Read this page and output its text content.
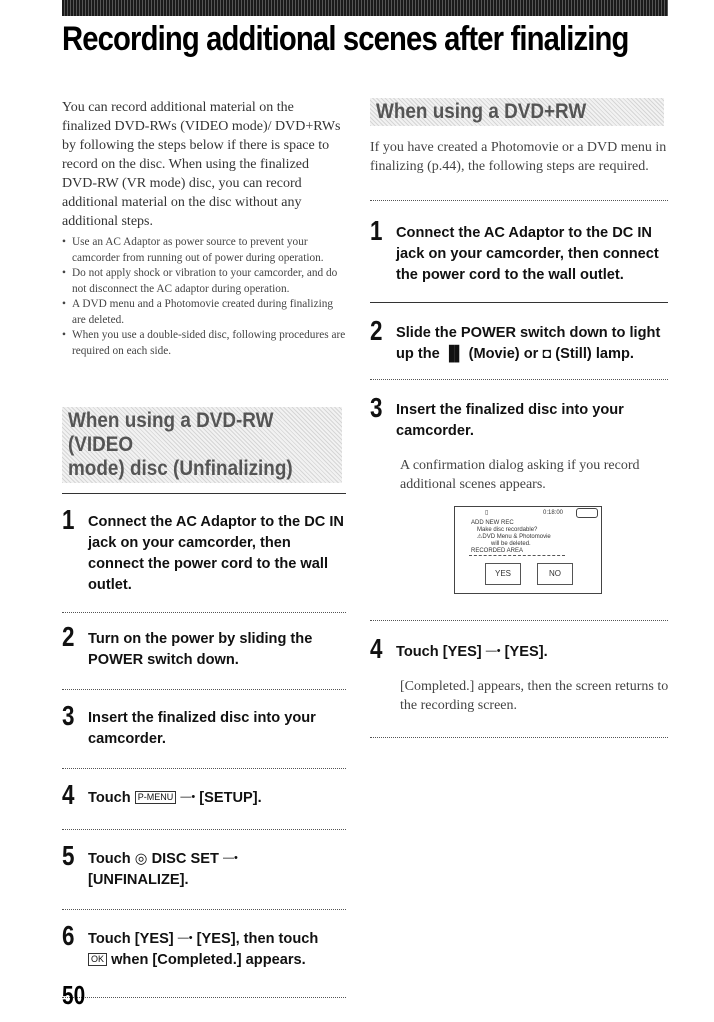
Recording additional scenes after finalizing

You can record additional material on the finalized DVD-RWs (VIDEO mode)/ DVD+RWs by following the steps below if there is space to record on the disc. When using the finalized DVD-RW (VR mode) disc, you can record additional material on the disc without any additional steps.

• Use an AC Adaptor as power source to prevent your camcorder from running out of power during operation.
• Do not apply shock or vibration to your camcorder, and do not disconnect the AC adaptor during operation.
• A DVD menu and a Photomovie created during finalizing are deleted.
• When you use a double-sided disc, following procedures are required on each side.
When using a DVD-RW (VIDEO
mode) disc (Unfinalizing)
1 Connect the AC Adaptor to the DC IN jack on your camcorder, then connect the power cord to the wall outlet.
2 Turn on the power by sliding the POWER switch down.
3 Insert the finalized disc into your camcorder.
4 Touch P-MENU —• [SETUP].
5 Touch ◎ DISC SET —•
[UNFINALIZE].
6 Touch [YES] —• [YES], then touch
OK when [Completed.] appears.
When using a DVD+RW

If you have created a Photomovie or a DVD menu in finalizing (p.44), the following steps are required.

1 Connect the AC Adaptor to the DC IN jack on your camcorder, then connect the power cord to the wall outlet.
2 Slide the POWER switch down to light up the ▐▌ (Movie) or ◘ (Still) lamp.
3 Insert the finalized disc into your camcorder.

A confirmation dialog asking if you record additional scenes appears.

▯	0:18:00
ADD NEW REC
Make disc recordable?
⚠DVD Menu & Photomovie
will be deleted.
RECORDED AREA
YES	NO
4 Touch [YES] —• [YES].

[Completed.] appears, then the screen returns to the recording screen.

50
